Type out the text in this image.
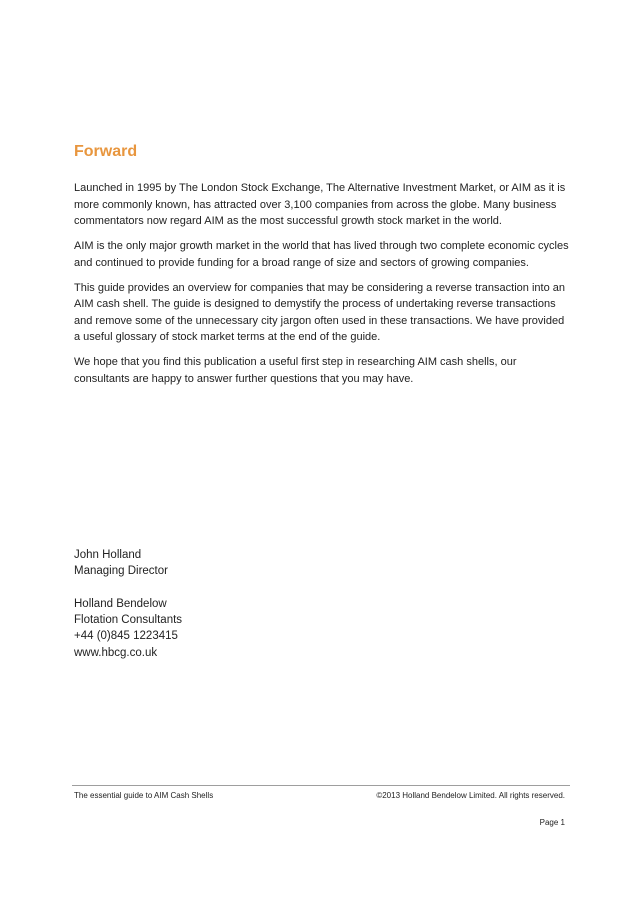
Forward

Launched in 1995 by The London Stock Exchange, The Alternative Investment Market, or AIM as it is more commonly known, has attracted over 3,100 companies from across the globe. Many business commentators now regard AIM as the most successful growth stock market in the world.

AIM is the only major growth market in the world that has lived through two complete economic cycles and continued to provide funding for a broad range of size and sectors of growing companies.

This guide provides an overview for companies that may be considering a reverse transaction into an AIM cash shell. The guide is designed to demystify the process of undertaking reverse transactions and remove some of the unnecessary city jargon often used in these transactions. We have provided a useful glossary of stock market terms at the end of the guide.

We hope that you find this publication a useful first step in researching AIM cash shells, our consultants are happy to answer further questions that you may have.

John Holland
Managing Director
Holland Bendelow
Flotation Consultants
+44 (0)845 1223415
www.hbcg.co.uk
The essential guide to AIM Cash Shells	©2013 Holland Bendelow Limited. All rights reserved.
Page 1
